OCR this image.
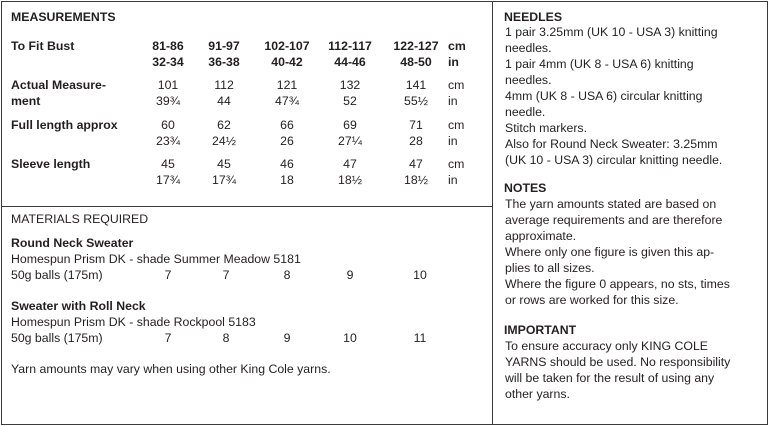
MEASUREMENTS
To Fit Bust	81-86	91-97	102-107	112-117	122-127 cm
32-34	36-38	40-42	44-46	48-50	in
Actual Measure-
ment
101	112	121	132	141	cm
39¾	44	47¾	52	55½	in
Full length approx	60	62	66	69	71	cm
23¾	24½	26	27¼	28	in
Sleeve length	45	45	46	47	47	cm
17¾	17¾	18	18½	18½	in
MATERIALS REQUIRED
Round Neck Sweater
Homespun Prism DK - shade Summer Meadow 5181
50g balls (175m)	7	7	8	9	10
Sweater with Roll Neck
Homespun Prism DK - shade Rockpool 5183
50g balls (175m)	7	8	9	10	11
Yarn amounts may vary when using other King Cole yarns.
NEEDLES
1 pair 3.25mm (UK 10 - USA 3) knitting
needles.
1 pair 4mm (UK 8 - USA 6) knitting
needles.
4mm (UK 8 - USA 6) circular knitting
needle.
Stitch markers.
Also for Round Neck Sweater: 3.25mm
(UK 10 - USA 3) circular knitting needle.
NOTES
The yarn amounts stated are based on
average requirements and are therefore
approximate.
Where only one figure is given this ap-
plies to all sizes.
Where the figure 0 appears, no sts, times
or rows are worked for this size.
IMPORTANT
To ensure accuracy only KING COLE
YARNS should be used. No responsibility
will be taken for the result of using any
other yarns.
